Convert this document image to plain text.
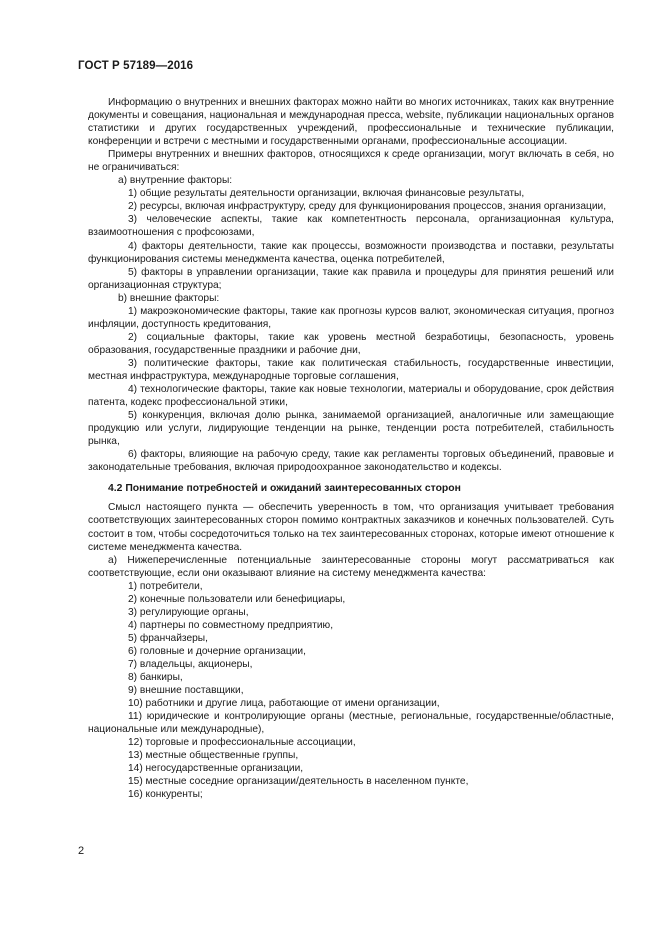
ГОСТ Р 57189—2016

Информацию о внутренних и внешних факторах можно найти во многих источниках, таких как внутренние документы и совещания, национальная и международная пресса, website, публикации национальных органов статистики и других государственных учреждений, профессиональные и технические публикации, конференции и встречи с местными и государственными органами, профессиональные ассоциации.

Примеры внутренних и внешних факторов, относящихся к среде организации, могут включать в себя, но не ограничиваться:

а) внутренние факторы:

1) общие результаты деятельности организации, включая финансовые результаты,

2) ресурсы, включая инфраструктуру, среду для функционирования процессов, знания организации,

3) человеческие аспекты, такие как компетентность персонала, организационная культура, взаимоотношения с профсоюзами,

4) факторы деятельности, такие как процессы, возможности производства и поставки, результаты функционирования системы менеджмента качества, оценка потребителей,

5) факторы в управлении организации, такие как правила и процедуры для принятия решений или организационная структура;

b) внешние факторы:

1) макроэкономические факторы, такие как прогнозы курсов валют, экономическая ситуация, прогноз инфляции, доступность кредитования,

2) социальные факторы, такие как уровень местной безработицы, безопасность, уровень образования, государственные праздники и рабочие дни,

3) политические факторы, такие как политическая стабильность, государственные инвестиции, местная инфраструктура, международные торговые соглашения,

4) технологические факторы, такие как новые технологии, материалы и оборудование, срок действия патента, кодекс профессиональной этики,

5) конкуренция, включая долю рынка, занимаемой организацией, аналогичные или замещающие продукцию или услуги, лидирующие тенденции на рынке, тенденции роста потребителей, стабильность рынка,

6) факторы, влияющие на рабочую среду, такие как регламенты торговых объединений, правовые и законодательные требования, включая природоохранное законодательство и кодексы.

4.2 Понимание потребностей и ожиданий заинтересованных сторон

Смысл настоящего пункта — обеспечить уверенность в том, что организация учитывает требования соответствующих заинтересованных сторон помимо контрактных заказчиков и конечных пользователей. Суть состоит в том, чтобы сосредоточиться только на тех заинтересованных сторонах, которые имеют отношение к системе менеджмента качества.

а) Нижеперечисленные потенциальные заинтересованные стороны могут рассматриваться как соответствующие, если они оказывают влияние на систему менеджмента качества:

1) потребители,

2) конечные пользователи или бенефициары,

3) регулирующие органы,

4) партнеры по совместному предприятию,

5) франчайзеры,

6) головные и дочерние организации,

7) владельцы, акционеры,

8) банкиры,

9) внешние поставщики,

10) работники и другие лица, работающие от имени организации,

11) юридические и контролирующие органы (местные, региональные, государственные/областные, национальные или международные),

12) торговые и профессиональные ассоциации,

13) местные общественные группы,

14) негосударственные организации,

15) местные соседние организации/деятельность в населенном пункте,

16) конкуренты;

2
